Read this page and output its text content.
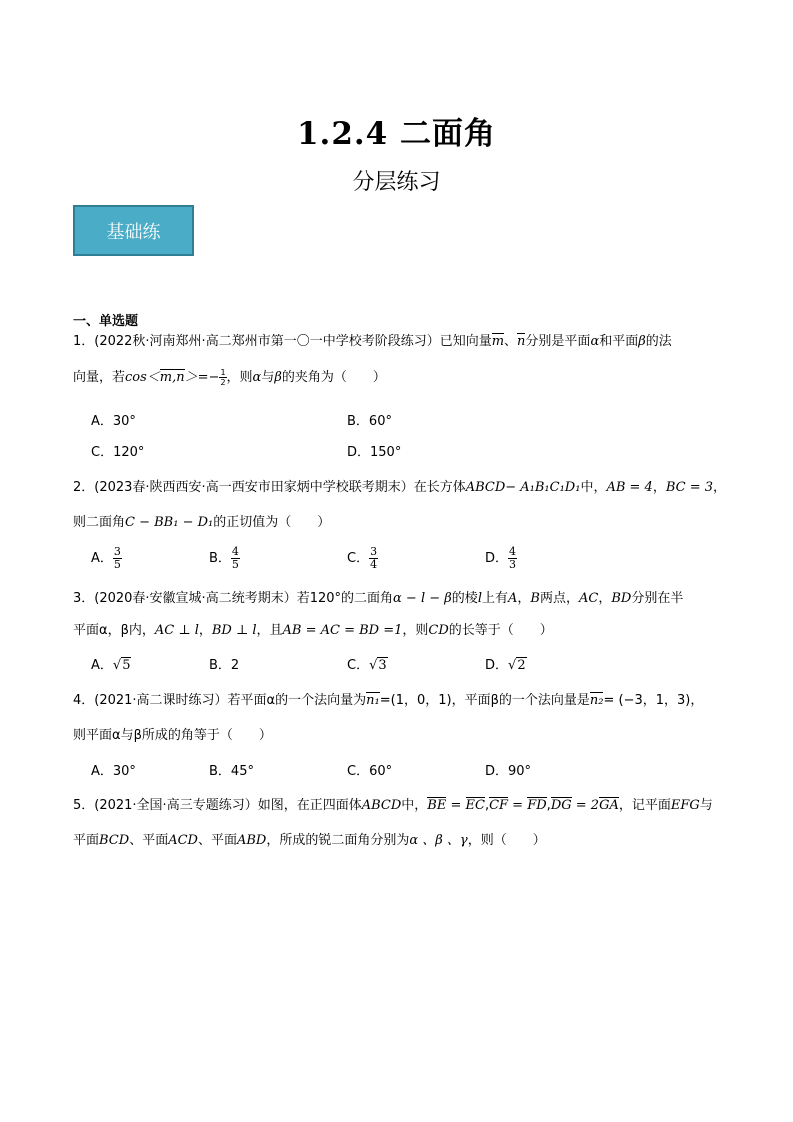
1.2.4 二面角
分层练习
基础练
一、单选题
1．(2022秋·河南郑州·高二郑州市第一〇一中学校考阶段练习）已知向量m、n分别是平面α和平面β的法
向量，若$\cos<m,n>=- \frac{1}{2}$ ，则α与β的夹角为（　　）
A．30°	B．60°
C．120°	D．150°
2．(2023春·陕西西安·高一西安市田家炳中学校联考期末）在长方体ABCD− A₁B₁C₁D₁中，AB = 4，BC = 3，
则二面角C − BB₁ − D₁的正切值为（　　）
A． $\frac{3}{5}$	B． $\frac{4}{5}$	C． $\frac{3}{4}$	D． $\frac{4}{3}$
3．(2020春·安徽宣城·高二统考期末）若120°的二面角α − l − β的棱l上有A，B两点，AC，BD分别在半
平面α，β内，AC ⊥ l，BD ⊥ l，且AB = AC = BD =1，则CD的长等于（　　）
A．√5	B．2	C．√3	D．√2
4．(2021·高二课时练习）若平面α的一个法向量为n₁=(1，0，1)，平面β的一个法向量是n₂= (−3，1，3)，
则平面α与β所成的角等于（　　）
A．30°	B．45°	C．60°	D．90°
5．(2021·全国·高三专题练习）如图，在正四面体ABCD中，BE = EC,CF = FD,DG = 2GA，记平面EFG与
平面BCD、平面ACD、平面ABD，所成的锐二面角分别为α 、β 、γ，则（　　）
